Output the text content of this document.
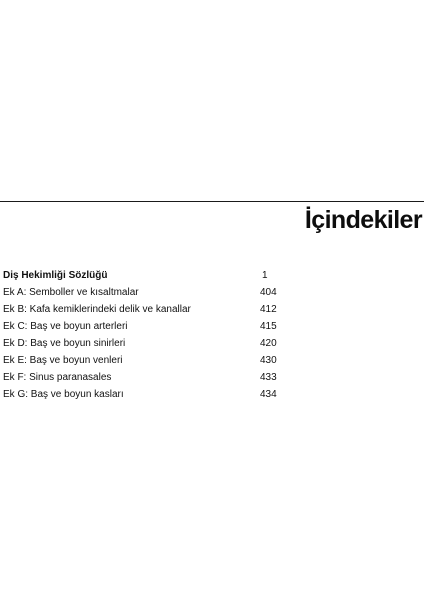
İçindekiler
Diş Hekimliği Sözlüğü	1
Ek A: Semboller ve kısaltmalar	404
Ek B: Kafa kemiklerindeki delik ve kanallar	412
Ek C: Baş ve boyun arterleri	415
Ek D: Baş ve boyun sinirleri	420
Ek E: Baş ve boyun venleri	430
Ek F: Sinus paranasales	433
Ek G: Baş ve boyun kasları	434
